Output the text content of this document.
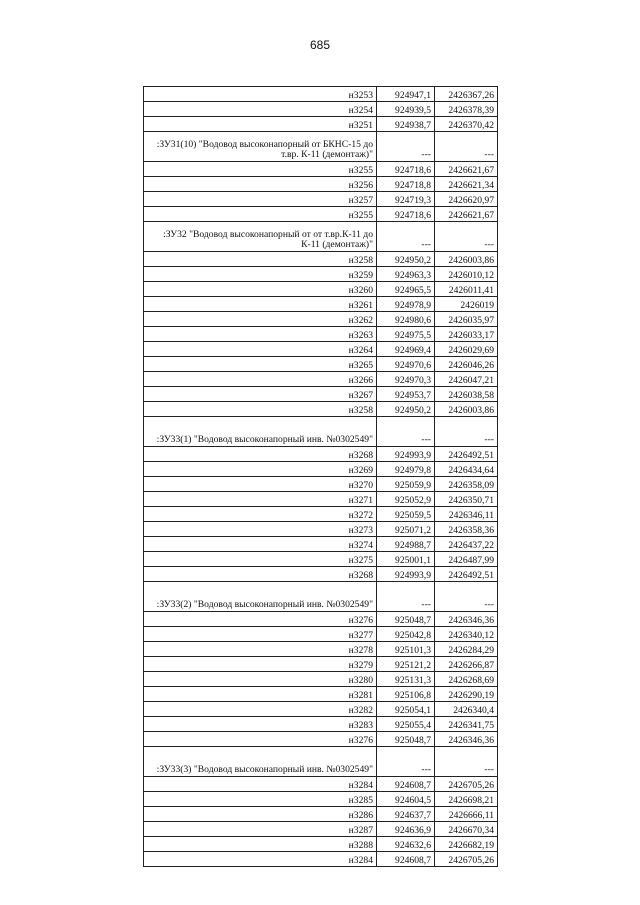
685
н3253	924947,1	2426367,26
н3254	924939,5	2426378,39
н3251	924938,7	2426370,42
:ЗУ31(10) "Водовод высоконапорный от БКНС-15 до т.вр. К-11 (демонтаж)"	---	---
н3255	924718,6	2426621,67
н3256	924718,8	2426621,34
н3257	924719,3	2426620,97
н3255	924718,6	2426621,67
:ЗУ32 "Водовод высоконапорный от от т.вр.К-11 до К-11 (демонтаж)"	---	---
н3258	924950,2	2426003,86
н3259	924963,3	2426010,12
н3260	924965,5	2426011,41
н3261	924978,9	2426019
н3262	924980,6	2426035,97
н3263	924975,5	2426033,17
н3264	924969,4	2426029,69
н3265	924970,6	2426046,26
н3266	924970,3	2426047,21
н3267	924953,7	2426038,58
н3258	924950,2	2426003,86
:ЗУ33(1) "Водовод высоконапорный инв. №0302549"	---	---
н3268	924993,9	2426492,51
н3269	924979,8	2426434,64
н3270	925059,9	2426358,09
н3271	925052,9	2426350,71
н3272	925059,5	2426346,11
н3273	925071,2	2426358,36
н3274	924988,7	2426437,22
н3275	925001,1	2426487,99
н3268	924993,9	2426492,51
:ЗУ33(2) "Водовод высоконапорный инв. №0302549"	---	---
н3276	925048,7	2426346,36
н3277	925042,8	2426340,12
н3278	925101,3	2426284,29
н3279	925121,2	2426266,87
н3280	925131,3	2426268,69
н3281	925106,8	2426290,19
н3282	925054,1	2426340,4
н3283	925055,4	2426341,75
н3276	925048,7	2426346,36
:ЗУ33(3) "Водовод высоконапорный инв. №0302549"	---	---
н3284	924608,7	2426705,26
н3285	924604,5	2426698,21
н3286	924637,7	2426666,11
н3287	924636,9	2426670,34
н3288	924632,6	2426682,19
н3284	924608,7	2426705,26
